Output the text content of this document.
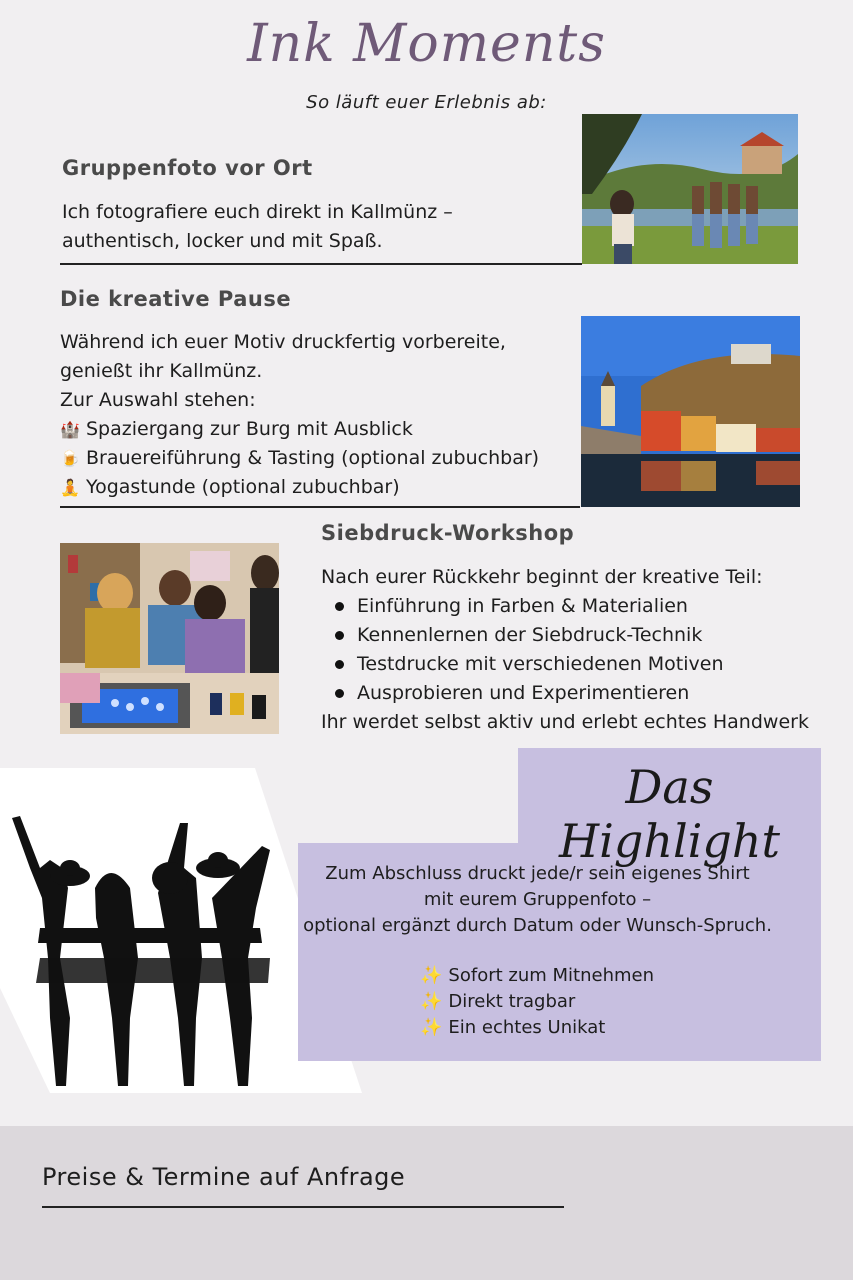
Ink Moments
So läuft euer Erlebnis ab:
Gruppenfoto vor Ort
Ich fotografiere euch direkt in Kallmünz –
authentisch, locker und mit Spaß.
Die kreative Pause
Während ich euer Motiv druckfertig vorbereite,
genießt ihr Kallmünz.
Zur Auswahl stehen:
🏰 Spaziergang zur Burg mit Ausblick
🍺 Brauereiführung & Tasting (optional zubuchbar)
🧘 Yogastunde (optional zubuchbar)
Siebdruck-Workshop
Nach eurer Rückkehr beginnt der kreative Teil:
Einführung in Farben & Materialien
Kennenlernen der Siebdruck-Technik
Testdrucke mit verschiedenen Motiven
Ausprobieren und Experimentieren
Ihr werdet selbst aktiv und erlebt echtes Handwerk
Das Highlight
Zum Abschluss druckt jede/r sein eigenes Shirt
mit eurem Gruppenfoto –
optional ergänzt durch Datum oder Wunsch-Spruch.
✨ Sofort zum Mitnehmen
✨ Direkt tragbar
✨ Ein echtes Unikat
Preise & Termine auf Anfrage
